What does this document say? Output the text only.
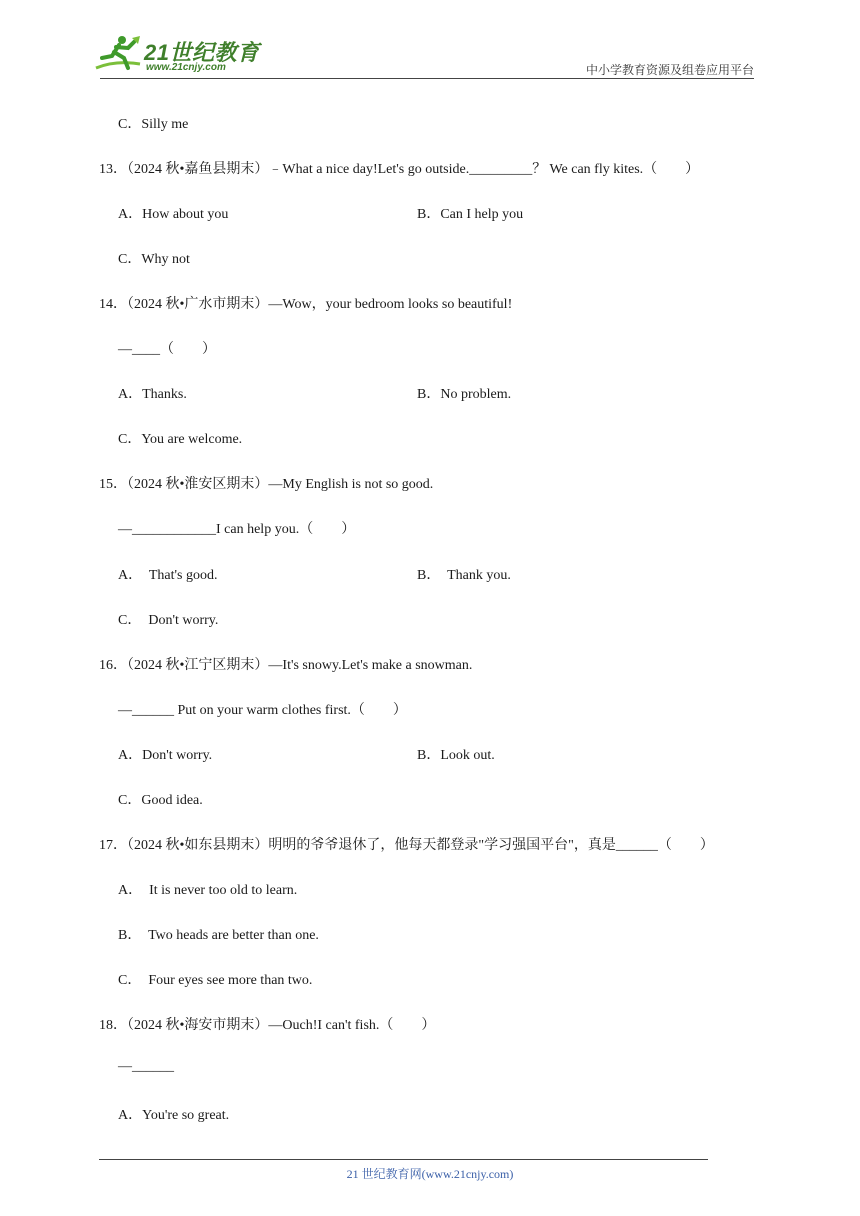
21世纪教育
www.21cnjy.com	中小学教育资源及组卷应用平台
C．Silly me
13．（2024 秋•嘉鱼县期末）﹣What a nice day!Let's go outside._________？ We can fly kites.（　　）
A．How about you	B．Can I help you
C．Why not
14．（2024 秋•广水市期末）—Wow，your bedroom looks so beautiful!
—____（　　）
A．Thanks.	B．No problem.
C．You are welcome.
15．（2024 秋•淮安区期末）—My English is not so good.
—____________I can help you.（　　）
A．  That's good.	B．  Thank you.
C．  Don't worry.
16．（2024 秋•江宁区期末）—It's snowy.Let's make a snowman.
—______ Put on your warm clothes first.（　　）
A．Don't worry.	B．Look out.
C．Good idea.
17．（2024 秋•如东县期末）明明的爷爷退休了，他每天都登录"学习强国平台"，真是______（　　）
A．  It is never too old to learn.
B．  Two heads are better than one.
C．  Four eyes see more than two.
18．（2024 秋•海安市期末）—Ouch!I can't fish.（　　）
—______
A．You're so great.
21 世纪教育网(www.21cnjy.com)
